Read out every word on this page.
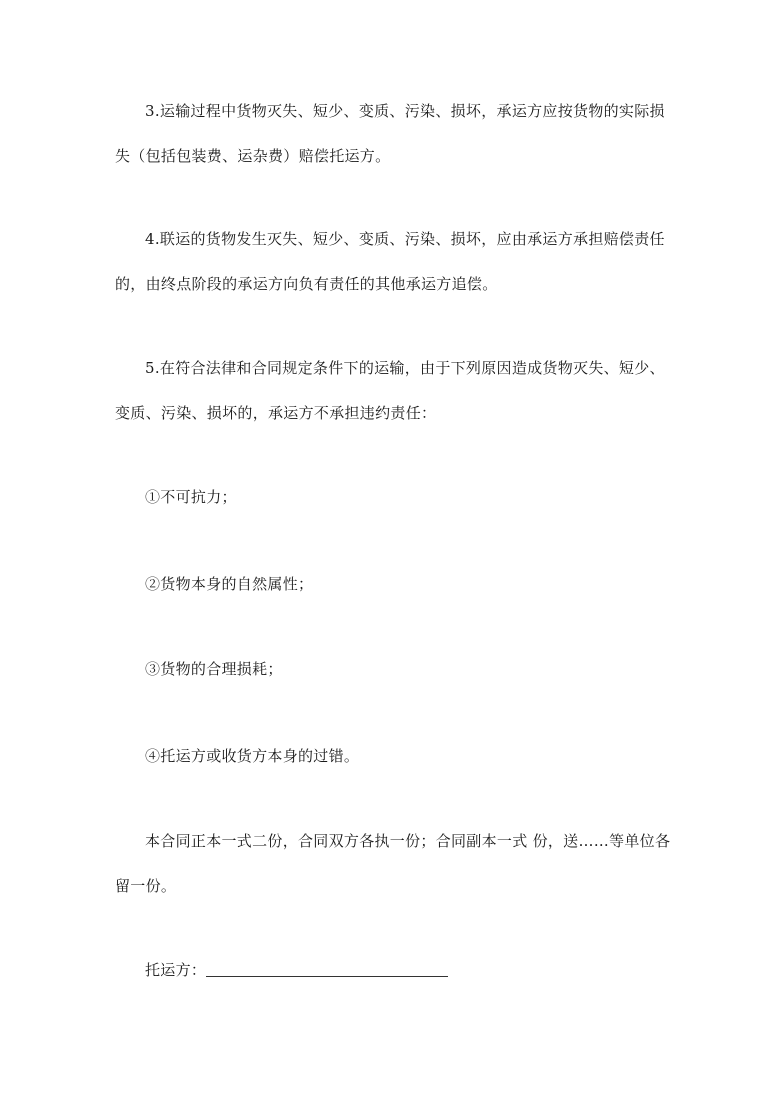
3.运输过程中货物灭失、短少、变质、污染、损坏，承运方应按货物的实际损
失（包括包装费、运杂费）赔偿托运方。
4.联运的货物发生灭失、短少、变质、污染、损坏，应由承运方承担赔偿责任
的，由终点阶段的承运方向负有责任的其他承运方追偿。
5.在符合法律和合同规定条件下的运输，由于下列原因造成货物灭失、短少、
变质、污染、损坏的，承运方不承担违约责任：
①不可抗力；
②货物本身的自然属性；
③货物的合理损耗；
④托运方或收货方本身的过错。
本合同正本一式二份，合同双方各执一份；合同副本一式 份，送……等单位各
留一份。
托运方：
